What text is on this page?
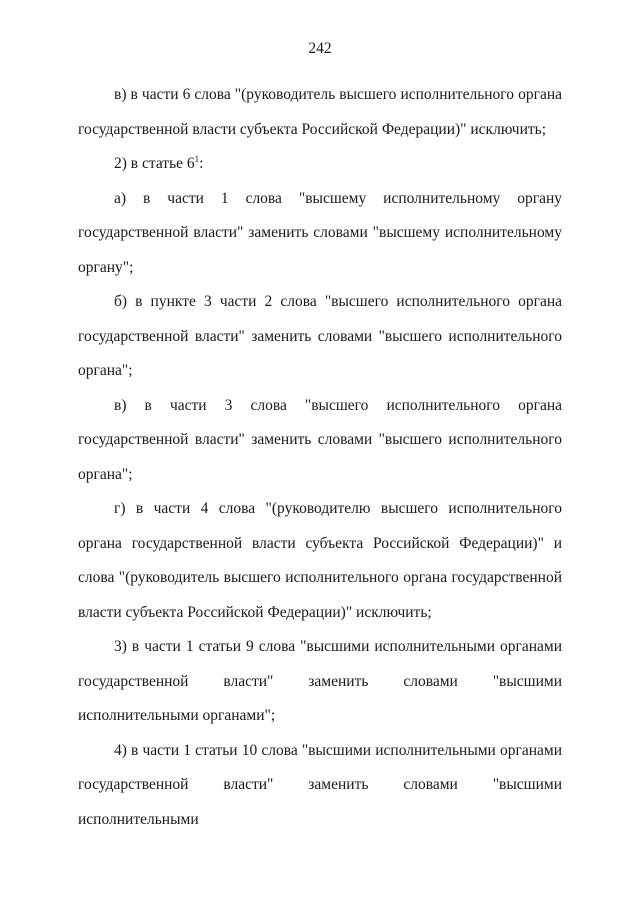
242

в) в части 6 слова "(руководитель высшего исполнительного органа государственной власти субъекта Российской Федерации)" исключить;

2) в статье $6^1$:

а) в части 1 слова "высшему исполнительному органу государственной власти" заменить словами "высшему исполнительному органу";

б) в пункте 3 части 2 слова "высшего исполнительного органа государственной власти" заменить словами "высшего исполнительного органа";

в) в части 3 слова "высшего исполнительного органа государственной власти" заменить словами "высшего исполнительного органа";

г) в части 4 слова "(руководителю высшего исполнительного органа государственной власти субъекта Российской Федерации)" и слова "(руководитель высшего исполнительного органа государственной власти субъекта Российской Федерации)" исключить;

3) в части 1 статьи 9 слова "высшими исполнительными органами государственной власти" заменить словами "высшими исполнительными органами";

4) в части 1 статьи 10 слова "высшими исполнительными органами государственной власти" заменить словами "высшими исполнительными
